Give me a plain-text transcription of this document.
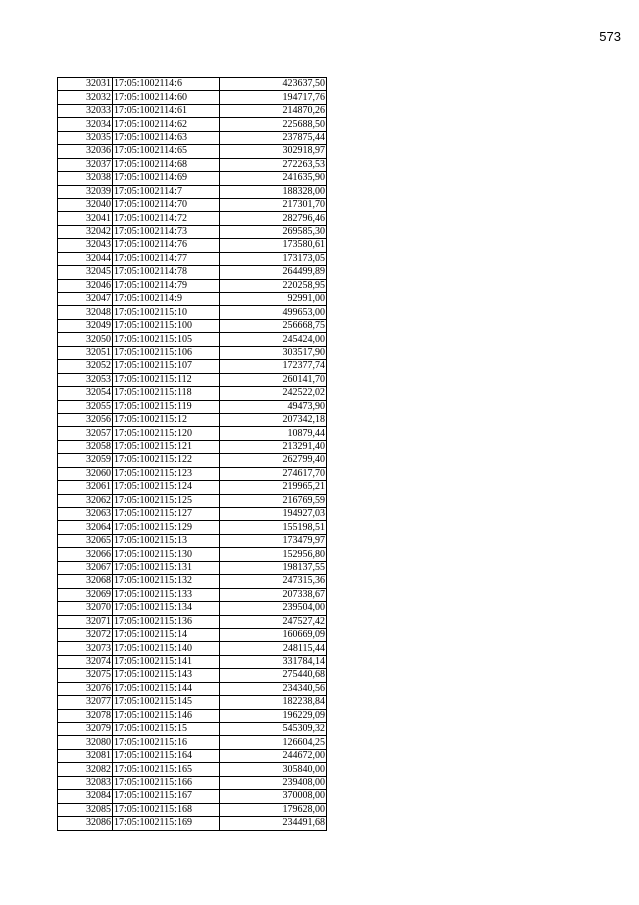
573
32031	17:05:1002114:6	423637,50
32032	17:05:1002114:60	194717,76
32033	17:05:1002114:61	214870,26
32034	17:05:1002114:62	225688,50
32035	17:05:1002114:63	237875,44
32036	17:05:1002114:65	302918,97
32037	17:05:1002114:68	272263,53
32038	17:05:1002114:69	241635,90
32039	17:05:1002114:7	188328,00
32040	17:05:1002114:70	217301,70
32041	17:05:1002114:72	282796,46
32042	17:05:1002114:73	269585,30
32043	17:05:1002114:76	173580,61
32044	17:05:1002114:77	173173,05
32045	17:05:1002114:78	264499,89
32046	17:05:1002114:79	220258,95
32047	17:05:1002114:9	92991,00
32048	17:05:1002115:10	499653,00
32049	17:05:1002115:100	256668,75
32050	17:05:1002115:105	245424,00
32051	17:05:1002115:106	303517,90
32052	17:05:1002115:107	172377,74
32053	17:05:1002115:112	260141,70
32054	17:05:1002115:118	242522,02
32055	17:05:1002115:119	49473,90
32056	17:05:1002115:12	207342,18
32057	17:05:1002115:120	10879,44
32058	17:05:1002115:121	213291,40
32059	17:05:1002115:122	262799,40
32060	17:05:1002115:123	274617,70
32061	17:05:1002115:124	219965,21
32062	17:05:1002115:125	216769,59
32063	17:05:1002115:127	194927,03
32064	17:05:1002115:129	155198,51
32065	17:05:1002115:13	173479,97
32066	17:05:1002115:130	152956,80
32067	17:05:1002115:131	198137,55
32068	17:05:1002115:132	247315,36
32069	17:05:1002115:133	207338,67
32070	17:05:1002115:134	239504,00
32071	17:05:1002115:136	247527,42
32072	17:05:1002115:14	160669,09
32073	17:05:1002115:140	248115,44
32074	17:05:1002115:141	331784,14
32075	17:05:1002115:143	275440,68
32076	17:05:1002115:144	234340,56
32077	17:05:1002115:145	182238,84
32078	17:05:1002115:146	196229,09
32079	17:05:1002115:15	545309,32
32080	17:05:1002115:16	126604,25
32081	17:05:1002115:164	244672,00
32082	17:05:1002115:165	305840,00
32083	17:05:1002115:166	239408,00
32084	17:05:1002115:167	370008,00
32085	17:05:1002115:168	179628,00
32086	17:05:1002115:169	234491,68
